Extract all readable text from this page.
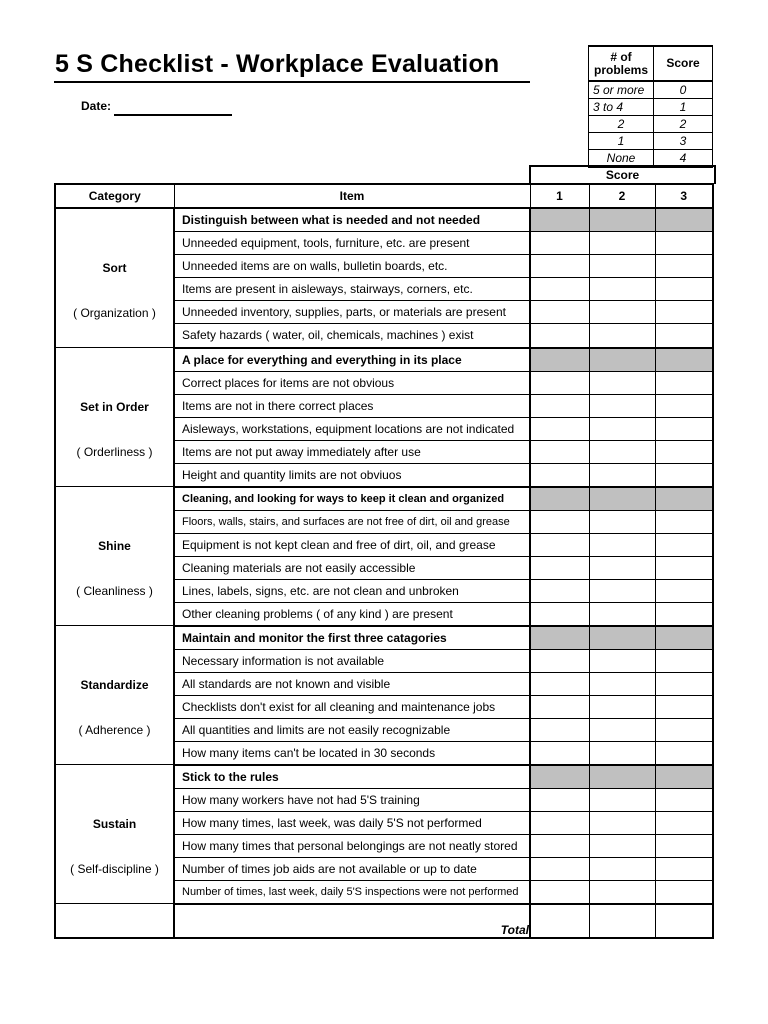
5 S Checklist - Workplace Evaluation
Date:
# of problems	Score
5 or more	0
3 to 4	1
2	2
1	3
None	4
Score
Category	Item	1	2	3

Sort
( Organization )	Distinguish between what is needed and not needed			
	Unneeded equipment, tools, furniture, etc. are present			
	Unneeded items are on walls, bulletin boards, etc.			
	Items are present in aisleways, stairways, corners, etc.			
	Unneeded inventory, supplies, parts, or materials are present			
	Safety hazards ( water, oil, chemicals, machines ) exist			

Set in Order
( Orderliness )	A place for everything and everything in its place			
	Correct places for items are not obvious			
	Items are not in there correct places			
	Aisleways, workstations, equipment locations are not indicated			
	Items are not put away immediately after use			
	Height and quantity limits are not obviuos			

Shine
( Cleanliness )	Cleaning, and looking for ways to keep it clean and organized			
	Floors, walls, stairs, and surfaces are not free of dirt, oil and grease			
	Equipment is not kept clean and free of dirt, oil, and grease			
	Cleaning materials are not easily accessible			
	Lines, labels, signs, etc. are not clean and unbroken			
	Other cleaning problems ( of any kind ) are present			

Standardize
( Adherence )	Maintain and monitor the first three catagories			
	Necessary information is not available			
	All standards are not known and visible			
	Checklists don't exist for all cleaning and maintenance jobs			
	All quantities and limits are not easily recognizable			
	How many items can't be located in 30 seconds			

Sustain
( Self-discipline )	Stick to the rules			
	How many workers have not had 5'S training			
	How many times, last week, was daily 5'S not performed			
	How many times that personal belongings are not neatly stored			
	Number of times job aids are not available or up to date			
	Number of times, last week, daily 5'S inspections were not performed			
	Total			
